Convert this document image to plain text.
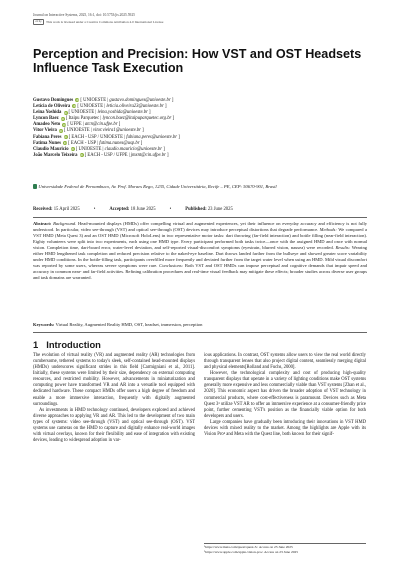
Journal on Interactive Systems, 2025, 16:1, doi: 10.5753/jis.2025.5925
cc by	This work is licensed under a Creative Commons Attribution 4.0 International License
Perception and Precision: How VST and OST Headsets Influence Task Execution
Gustavo Domingues iD [ UNIOESTE | gustavo.domingues@unioeste.br ]
Letícia de Oliveira iD [ UNIOESTE | leticia.oliveira23@unioeste.br ]
Leina Yoshida iD [ UNIOESTE | leina.yoshida@unioeste.br ]
Lyncon Baez iD [ Itaipu Parquetec | lyncon.baez@itaipuparquetec.org.br ]
Amadeo Neto iD [ UFPE | atcn@cin.ufpe.br ]
Vitor Vieira iD [ UNIOESTE | vitor.vieira1@unioeste.br ]
Fabiana Peres iD [ EACH - USP / UNIOESTE | fabiana.peres@unioeste.br ]
Fatima Nunes iD [ EACH - USP | fatima.nunes@usp.br ]
Claudio Mauricio iD [ UNIOESTE | claudio.mauricio@unioeste.br ]
João Marcelo Teixeira iD [ EACH - USP / UFPE | jmxnt@cin.ufpe.br ]
Universidade Federal de Pernambuco, Av. Prof. Moraes Rego, 1235, Cidade Universitária, Recife – PE, CEP: 50670-901, Brasil
Received: 15 April 2025	•	Accepted: 18 June 2025	•	Published: 23 June 2025
Abstract: Background. Head-mounted displays (HMDs) offer compelling virtual and augmented experiences, yet their influence on everyday accuracy and efficiency is not fully understood. In particular, video see-through (VST) and optical see-through (OST) devices may introduce perceptual distortions that degrade performance. Methods: We compared a VST HMD (Meta Quest 3) and an OST HMD (Microsoft HoloLens) in two representative motor tasks: dart throwing (far-field interaction) and bottle filling (near-field interaction). Eighty volunteers were split into two experiments, each using one HMD type. Every participant performed both tasks twice—once with the assigned HMD and once with normal vision. Completion time, dart-board error, water-level deviation, and self-reported visual-discomfort symptoms (eyestrain, blurred vision, nausea) were recorded. Results: Wearing either HMD lengthened task completion and reduced precision relative to the naked-eye baseline. Dart throws landed farther from the bullseye and showed greater score variability under HMD conditions. In the bottle-filling task, participants overfilled more frequently and deviated further from the target water level when using an HMD. Mild visual discomfort was reported by some users, whereas severe symptoms were rare. Conclusions: Both VST and OST HMDs can impose perceptual and cognitive demands that impair speed and accuracy in common near- and far-field activities. Refining calibration procedures and real-time visual feedback may mitigate these effects; broader studies across diverse user groups and task domains are warranted.
Keywords: Virtual Reality, Augmented Reality HMD, OST, headset, immersion, perception
1 Introduction

The evolution of virtual reality (VR) and augmented reality (AR) technologies from cumbersome, tethered systems to today's sleek, self-contained head-mounted displays (HMDs) underscores significant strides in this field [Carmigniani et al., 2011]. Initially, these systems were limited by their size, dependency on external computing resources, and restricted mobility. However, advancements in miniaturization and computing power have transformed VR and AR into a versatile tool equipped with dedicated hardware. These compact HMDs offer users a high degree of freedom and enable a more immersive interaction, frequently with digitally augmented surroundings.

As investments in HMD technology continued, developers explored and achieved diverse approaches to applying VR and AR. This led to the development of two main types of systems: video see-through (VST) and optical see-through (OST). VST systems use cameras on the HMD to capture and digitally enhance real-world images with virtual overlays, known for their flexibility and ease of integration with existing devices, leading to widespread adoption in var-

ious applications. In contrast, OST systems allow users to view the real world directly through transparent lenses that also project digital content, seamlessly merging digital and physical elements[Rolland and Fuchs, 2000].

However, the technological complexity and cost of producing high-quality transparent displays that operate in a variety of lighting conditions make OST systems generally more expensive and less commercially viable than VST systems [Zhan et al., 2020]. This economic aspect has driven the broader adoption of VST technology in commercial products, where cost-effectiveness is paramount. Devices such as Meta Quest 3¹ utilize VST AR to offer an immersive experience at a consumer-friendly price point, further cementing VST's position as the financially viable option for both developers and users.

Large companies have gradually been introducing their innovations in VST HMD devices with mixed reality to the market. Among the highlights are Apple with its Vision Pro² and Meta with the Quest line, both known for their signif-

¹https://www.meta.com/quest/quest-3/. Access on 23 June 2025
²https://www.apple.com/apple-vision-pro/. Access on 23 June 2025
